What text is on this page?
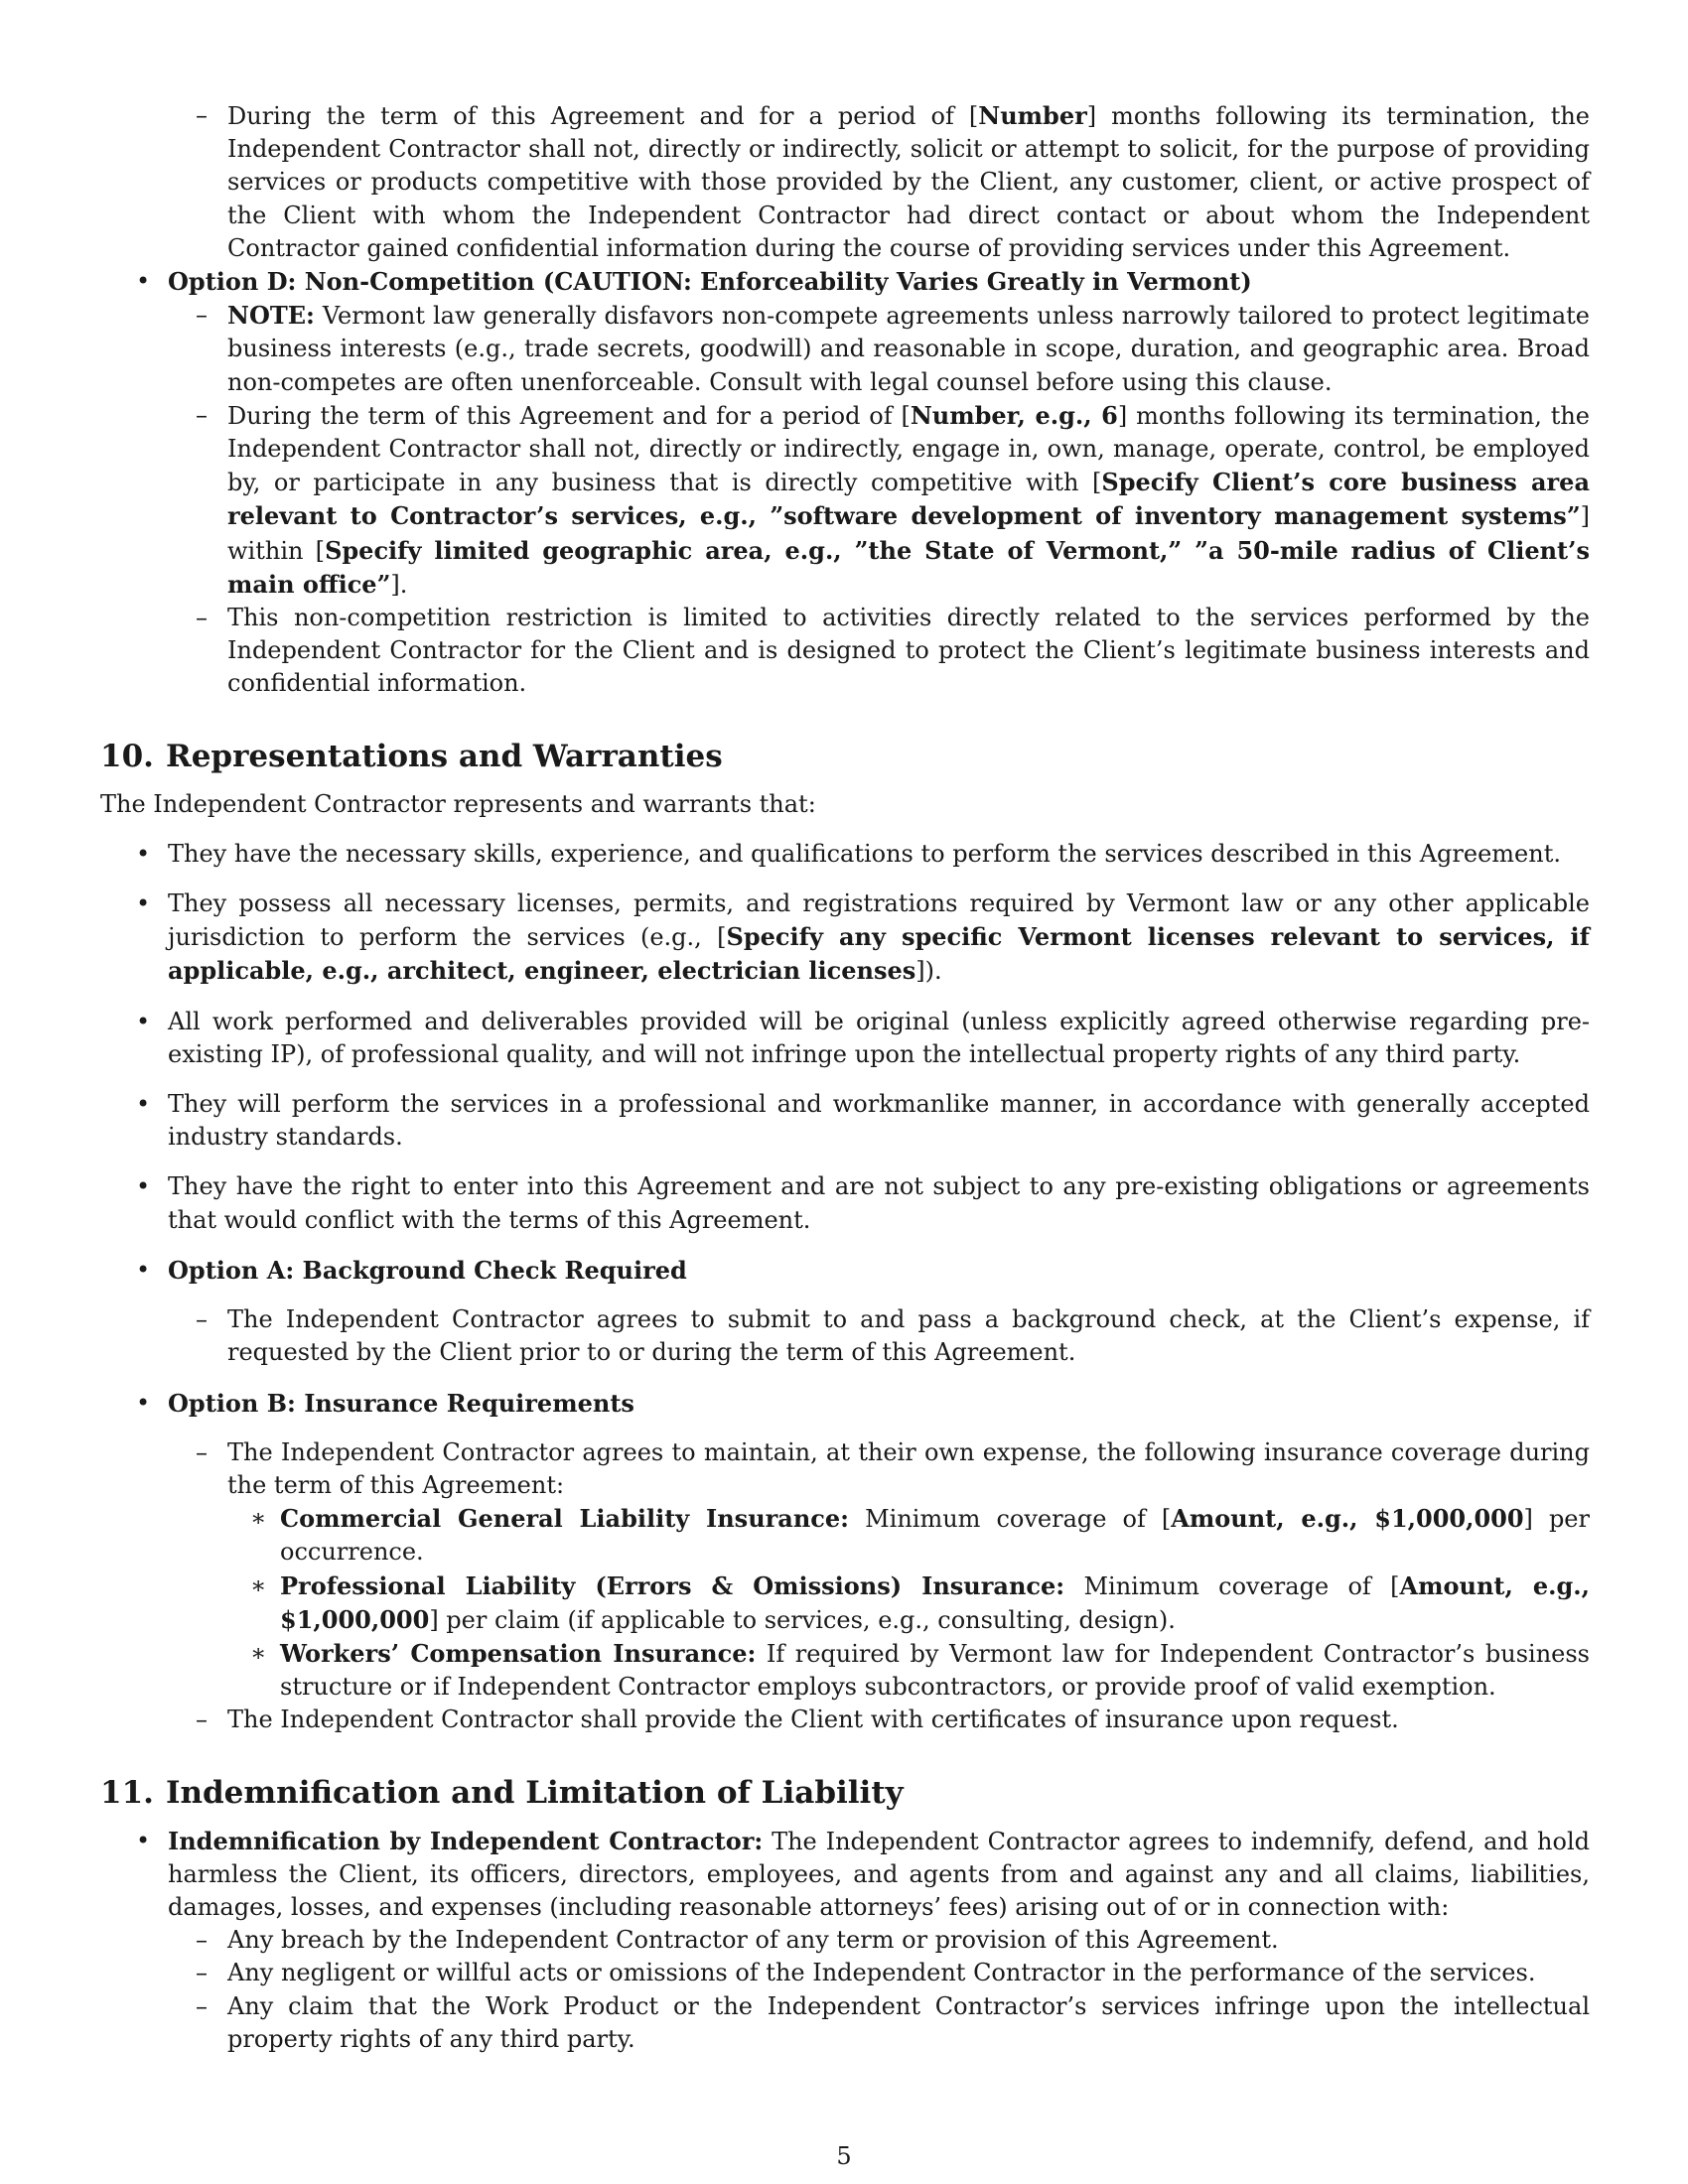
– During the term of this Agreement and for a period of [Number] months following its termination, the Independent Contractor shall not, directly or indirectly, solicit or attempt to solicit, for the purpose of providing services or products competitive with those provided by the Client, any customer, client, or active prospect of the Client with whom the Independent Contractor had direct contact or about whom the Independent Contractor gained confidential information during the course of providing services under this Agreement.
• Option D: Non-Competition (CAUTION: Enforceability Varies Greatly in Vermont)
– NOTE: Vermont law generally disfavors non-compete agreements unless narrowly tailored to protect legitimate business interests (e.g., trade secrets, goodwill) and reasonable in scope, duration, and geographic area. Broad non-competes are often unenforceable. Consult with legal counsel before using this clause.
– During the term of this Agreement and for a period of [Number, e.g., 6] months following its termination, the Independent Contractor shall not, directly or indirectly, engage in, own, manage, operate, control, be employed by, or participate in any business that is directly competitive with [Specify Client’s core business area relevant to Contractor’s services, e.g., ”software development of inventory management systems”] within [Specify limited geographic area, e.g., ”the State of Vermont,” ”a 50-mile radius of Client’s main office”].
– This non-competition restriction is limited to activities directly related to the services performed by the Independent Contractor for the Client and is designed to protect the Client’s legitimate business interests and confidential information.
10. Representations and Warranties
The Independent Contractor represents and warrants that:
• They have the necessary skills, experience, and qualifications to perform the services described in this Agreement.
• They possess all necessary licenses, permits, and registrations required by Vermont law or any other applicable jurisdiction to perform the services (e.g., [Specify any specific Vermont licenses relevant to services, if applicable, e.g., architect, engineer, electrician licenses]).
• All work performed and deliverables provided will be original (unless explicitly agreed otherwise regarding pre-existing IP), of professional quality, and will not infringe upon the intellectual property rights of any third party.
• They will perform the services in a professional and workmanlike manner, in accordance with generally accepted industry standards.
• They have the right to enter into this Agreement and are not subject to any pre-existing obligations or agreements that would conflict with the terms of this Agreement.
• Option A: Background Check Required
– The Independent Contractor agrees to submit to and pass a background check, at the Client’s expense, if requested by the Client prior to or during the term of this Agreement.
• Option B: Insurance Requirements
– The Independent Contractor agrees to maintain, at their own expense, the following insurance coverage during the term of this Agreement:
∗ Commercial General Liability Insurance: Minimum coverage of [Amount, e.g., $1,000,000] per occurrence.
∗ Professional Liability (Errors & Omissions) Insurance: Minimum coverage of [Amount, e.g., $1,000,000] per claim (if applicable to services, e.g., consulting, design).
∗ Workers’ Compensation Insurance: If required by Vermont law for Independent Contractor’s business structure or if Independent Contractor employs subcontractors, or provide proof of valid exemption.
– The Independent Contractor shall provide the Client with certificates of insurance upon request.
11. Indemnification and Limitation of Liability
• Indemnification by Independent Contractor: The Independent Contractor agrees to indemnify, defend, and hold harmless the Client, its officers, directors, employees, and agents from and against any and all claims, liabilities, damages, losses, and expenses (including reasonable attorneys’ fees) arising out of or in connection with:
– Any breach by the Independent Contractor of any term or provision of this Agreement.
– Any negligent or willful acts or omissions of the Independent Contractor in the performance of the services.
– Any claim that the Work Product or the Independent Contractor’s services infringe upon the intellectual property rights of any third party.
5
